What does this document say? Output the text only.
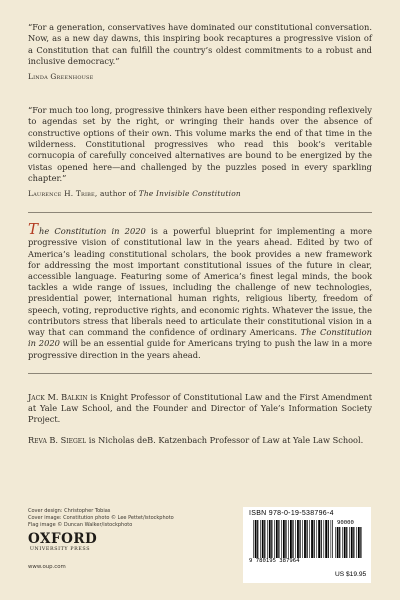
“For a generation, conservatives have dominated our constitutional conversation. Now, as a new day dawns, this inspiring book recaptures a progressive vision of a Constitution that can fulfill the country’s oldest commitments to a robust and inclusive democracy.”

Linda Greenhouse

“For much too long, progressive thinkers have been either responding reflexively to agendas set by the right, or wringing their hands over the absence of constructive options of their own. This volume marks the end of that time in the wilderness. Constitutional progressives who read this book’s veritable cornucopia of carefully conceived alternatives are bound to be energized by the vistas opened here—and challenged by the puzzles posed in every sparkling chapter.”

Laurence H. Tribe, author of The Invisible Constitution

The Constitution in 2020 is a powerful blueprint for implementing a more progressive vision of constitutional law in the years ahead. Edited by two of America’s leading constitutional scholars, the book provides a new framework for addressing the most important constitutional issues of the future in clear, accessible language. Featuring some of America’s finest legal minds, the book tackles a wide range of issues, including the challenge of new technologies, presidential power, international human rights, religious liberty, freedom of speech, voting, reproductive rights, and economic rights. Whatever the issue, the contributors stress that liberals need to articulate their constitutional vision in a way that can command the confidence of ordinary Americans. The Constitution in 2020 will be an essential guide for Americans trying to push the law in a more progressive direction in the years ahead.

Jack M. Balkin is Knight Professor of Constitutional Law and the First Amendment at Yale Law School, and the Founder and Director of Yale’s Information Society Project.

Reva B. Siegel is Nicholas deB. Katzenbach Professor of Law at Yale Law School.

Cover design: Christopher Tobias
Cover image: Constitution photo © Lee Pettet/istockphoto
Flag image © Duncan Walker/istockphoto
OXFORD
UNIVERSITY PRESS
www.oup.com
ISBN 978-0-19-538796-4
90000
9 780195 387964
US $19.95
